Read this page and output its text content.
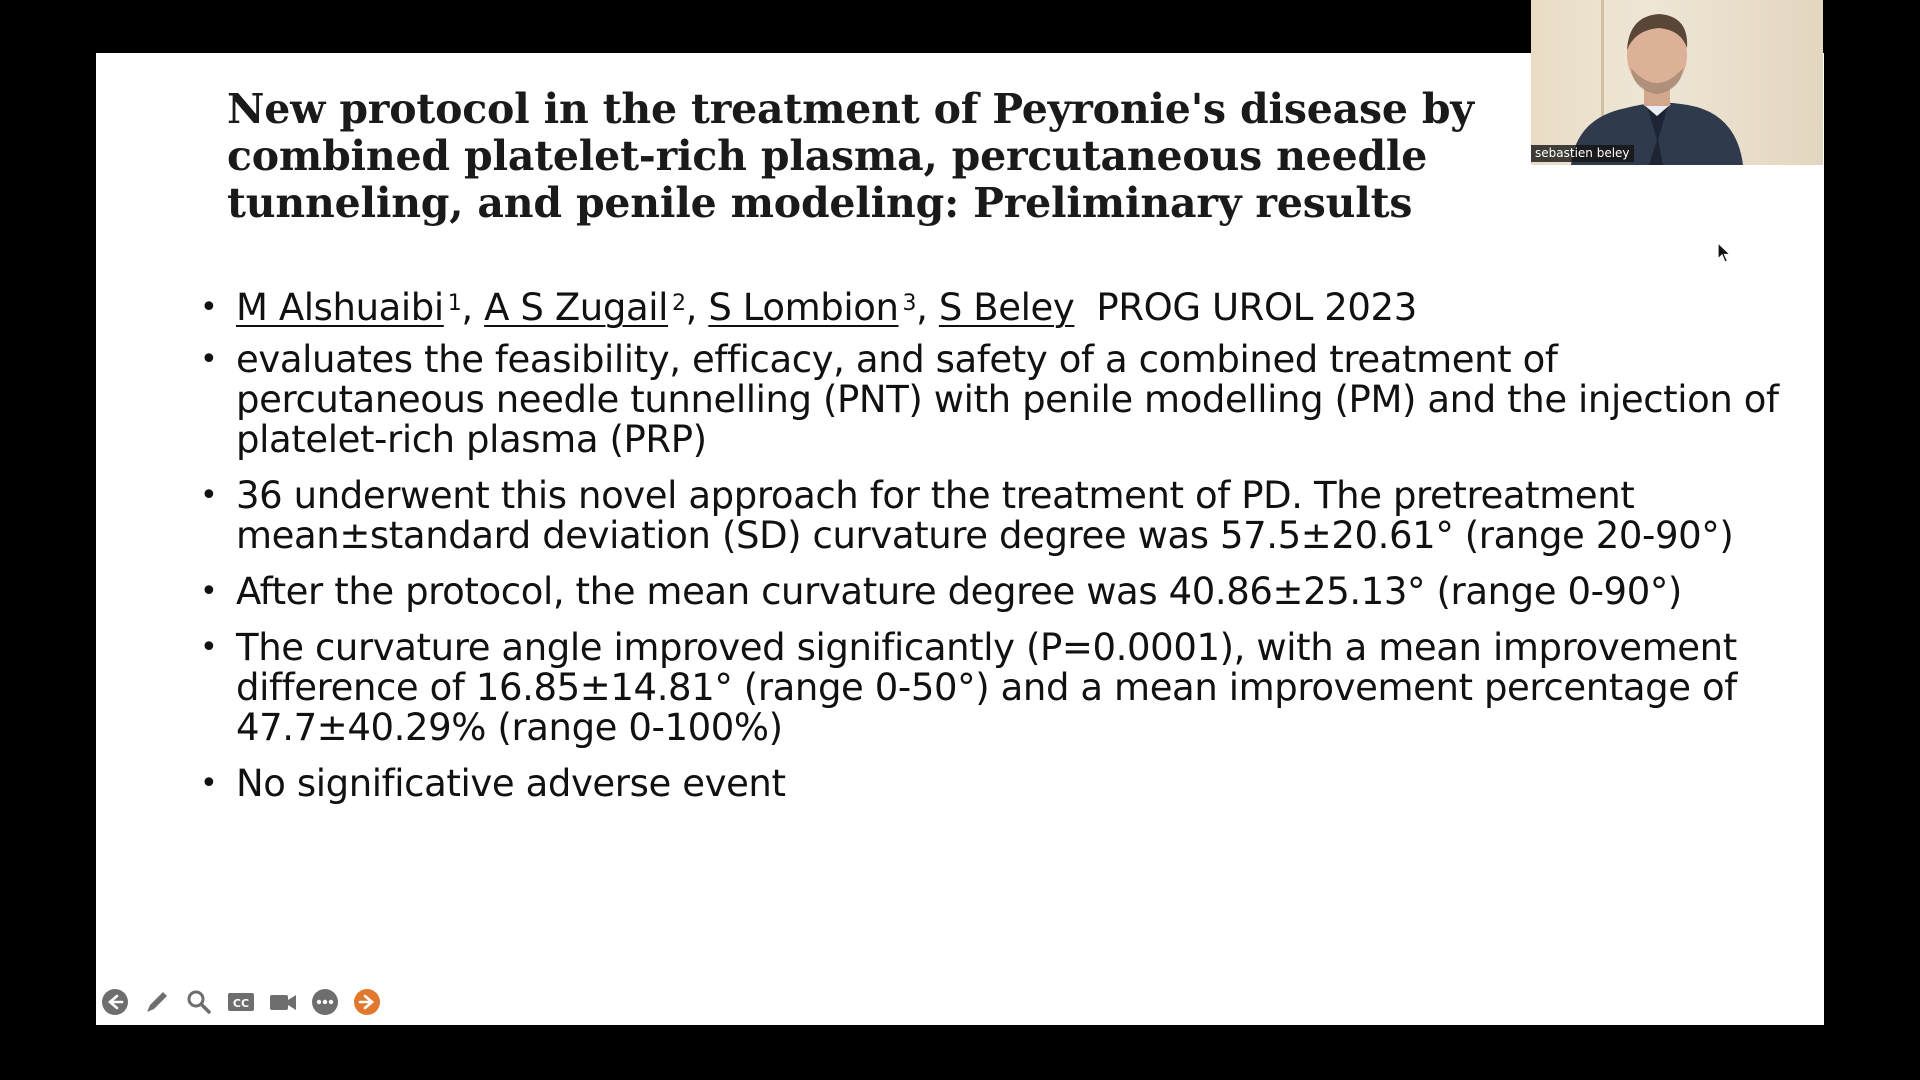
New protocol in the treatment of Peyronie's disease by combined platelet-rich plasma, percutaneous needle tunneling, and penile modeling: Preliminary results
• M Alshuaibi $^1$, A S Zugail $^2$, S Lombion $^3$, S Beley PROG UROL 2023
• evaluates the feasibility, efficacy, and safety of a combined treatment of percutaneous needle tunnelling (PNT) with penile modelling (PM) and the injection of platelet-rich plasma (PRP)
• 36 underwent this novel approach for the treatment of PD. The pretreatment mean±standard deviation (SD) curvature degree was 57.5±20.61° (range 20-90°)
• After the protocol, the mean curvature degree was 40.86±25.13° (range 0-90°)
• The curvature angle improved significantly (P=0.0001), with a mean improvement difference of 16.85±14.81° (range 0-50°) and a mean improvement percentage of 47.7±40.29% (range 0-100%)
• No significative adverse event
CC
sebastien beley
